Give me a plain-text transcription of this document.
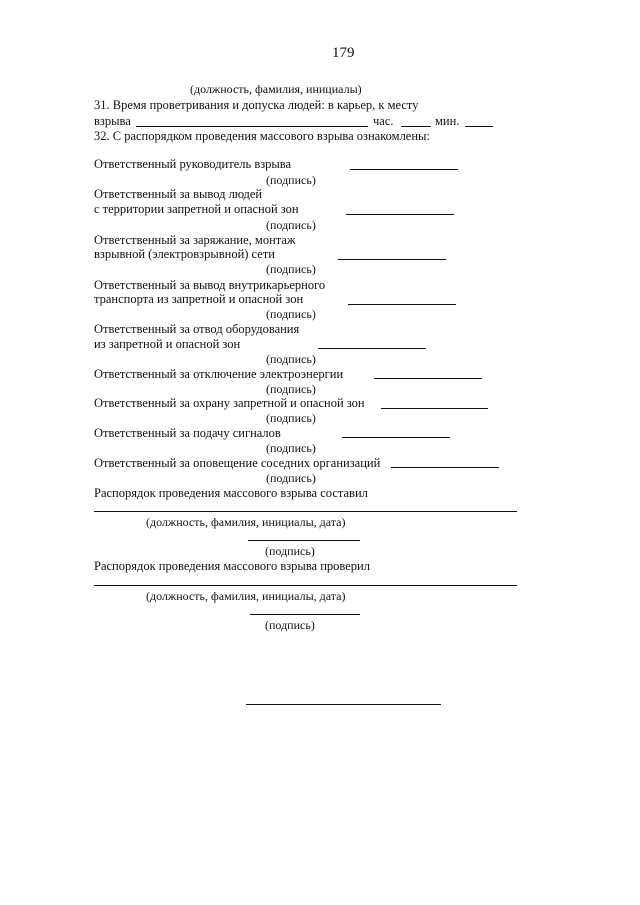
179
(должность, фамилия, инициалы)
31. Время проветривания и допуска людей: в карьер, к месту
взрыва	час.	мин.
32. С распорядком проведения массового взрыва ознакомлены:
Ответственный руководитель взрыва
(подпись)
Ответственный за вывод людей
с территории запретной и опасной зон
(подпись)
Ответственный за заряжание, монтаж
взрывной (электровзрывной) сети
(подпись)
Ответственный за вывод внутрикарьерного
транспорта из запретной и опасной зон
(подпись)
Ответственный за отвод оборудования
из запретной и опасной зон
(подпись)
Ответственный за отключение электроэнергии
(подпись)
Ответственный за охрану запретной и опасной зон
(подпись)
Ответственный за подачу сигналов
(подпись)
Ответственный за оповещение соседних организаций
(подпись)
Распорядок проведения массового взрыва составил
(должность, фамилия, инициалы, дата)
(подпись)
Распорядок проведения массового взрыва проверил
(должность, фамилия, инициалы, дата)
(подпись)
